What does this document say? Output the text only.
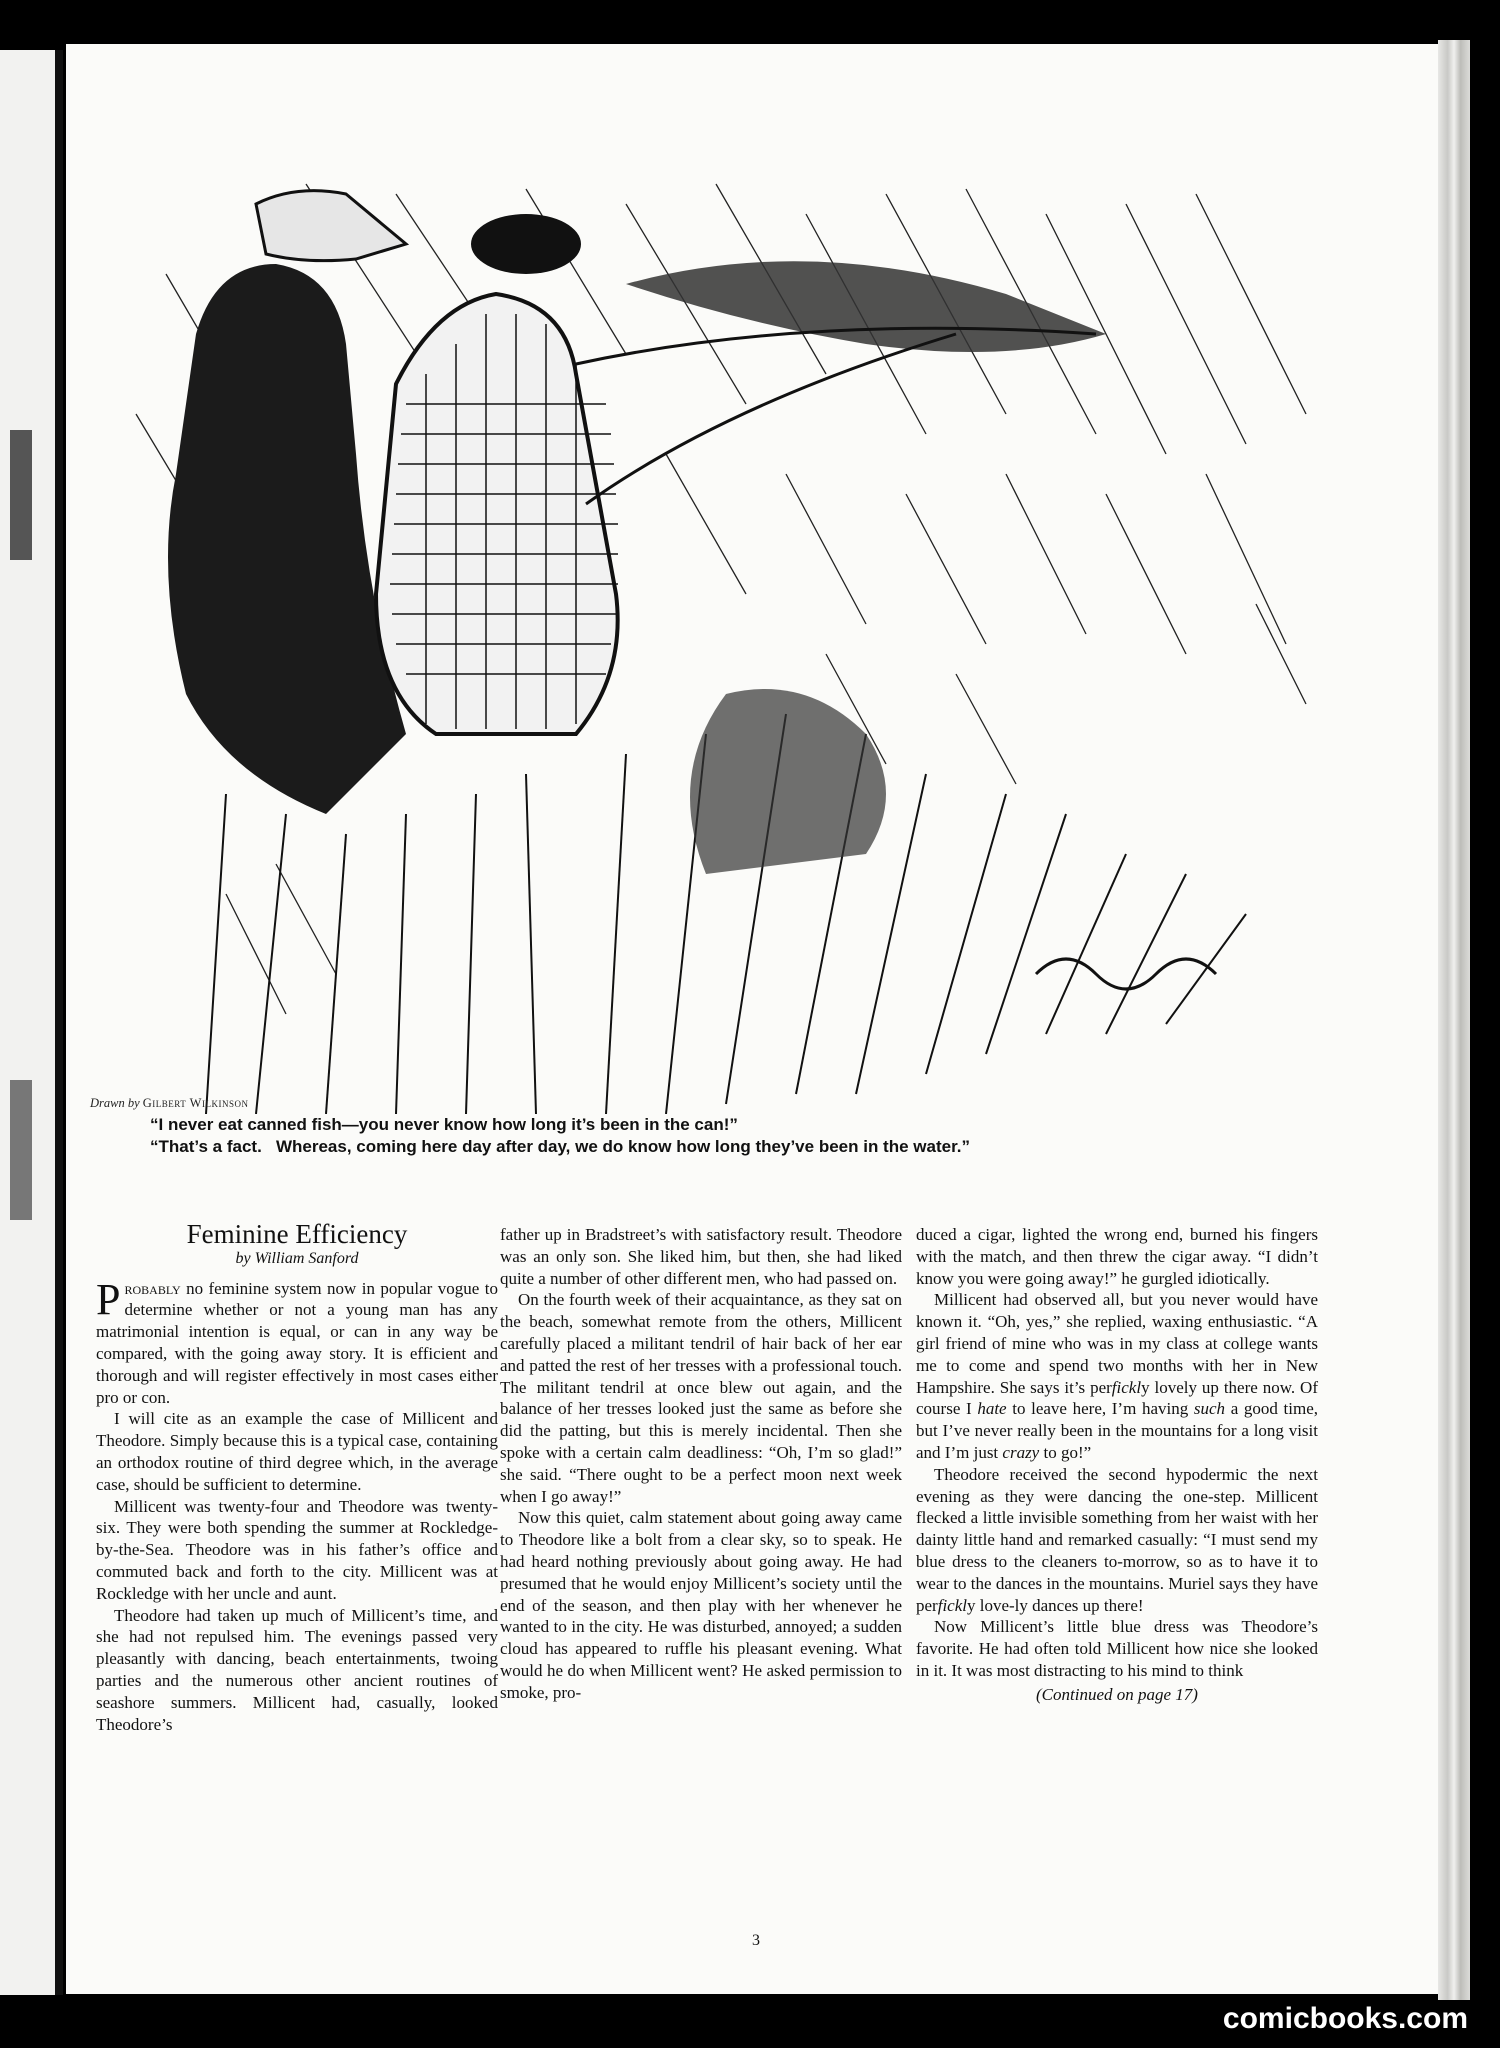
Drawn by Gilbert Wilkinson
“I never eat canned fish—you never know how long it’s been in the can!”
“That’s a fact.   Whereas, coming here day after day, we do know how long they’ve been in the water.”
Feminine Efficiency
by William Sanford

Probably no feminine system now in popular vogue to determine whether or not a young man has any matrimonial intention is equal, or can in any way be compared, with the going away story. It is efficient and thorough and will register effectively in most cases either pro or con.

I will cite as an example the case of Millicent and Theodore. Simply because this is a typical case, containing an orthodox routine of third degree which, in the average case, should be sufficient to determine.

Millicent was twenty-four and Theodore was twenty-six. They were both spending the summer at Rockledge-by-the-Sea. Theodore was in his father’s office and commuted back and forth to the city. Millicent was at Rockledge with her uncle and aunt.

Theodore had taken up much of Millicent’s time, and she had not repulsed him. The evenings passed very pleasantly with dancing, beach entertainments, twoing parties and the numerous other ancient routines of seashore summers. Millicent had, casually, looked Theodore’s

father up in Bradstreet’s with satisfactory result. Theodore was an only son. She liked him, but then, she had liked quite a number of other different men, who had passed on.

On the fourth week of their acquaintance, as they sat on the beach, somewhat remote from the others, Millicent carefully placed a militant tendril of hair back of her ear and patted the rest of her tresses with a professional touch. The militant tendril at once blew out again, and the balance of her tresses looked just the same as before she did the patting, but this is merely incidental. Then she spoke with a certain calm deadliness: “Oh, I’m so glad!” she said. “There ought to be a perfect moon next week when I go away!”

Now this quiet, calm statement about going away came to Theodore like a bolt from a clear sky, so to speak. He had heard nothing previously about going away. He had presumed that he would enjoy Millicent’s society until the end of the season, and then play with her whenever he wanted to in the city. He was disturbed, annoyed; a sudden cloud has appeared to ruffle his pleasant evening. What would he do when Millicent went? He asked permission to smoke, pro-

duced a cigar, lighted the wrong end, burned his fingers with the match, and then threw the cigar away. “I didn’t know you were going away!” he gurgled idiotically.

Millicent had observed all, but you never would have known it. “Oh, yes,” she replied, waxing enthusiastic. “A girl friend of mine who was in my class at college wants me to come and spend two months with her in New Hampshire. She says it’s perfickly lovely up there now. Of course I hate to leave here, I’m having such a good time, but I’ve never really been in the mountains for a long visit and I’m just crazy to go!”

Theodore received the second hypodermic the next evening as they were dancing the one-step. Millicent flecked a little invisible something from her waist with her dainty little hand and remarked casually: “I must send my blue dress to the cleaners to-morrow, so as to have it to wear to the dances in the mountains. Muriel says they have perfickly love-ly dances up there!

Now Millicent’s little blue dress was Theodore’s favorite. He had often told Millicent how nice she looked in it. It was most distracting to his mind to think

(Continued on page 17)
3
comicbooks.com
